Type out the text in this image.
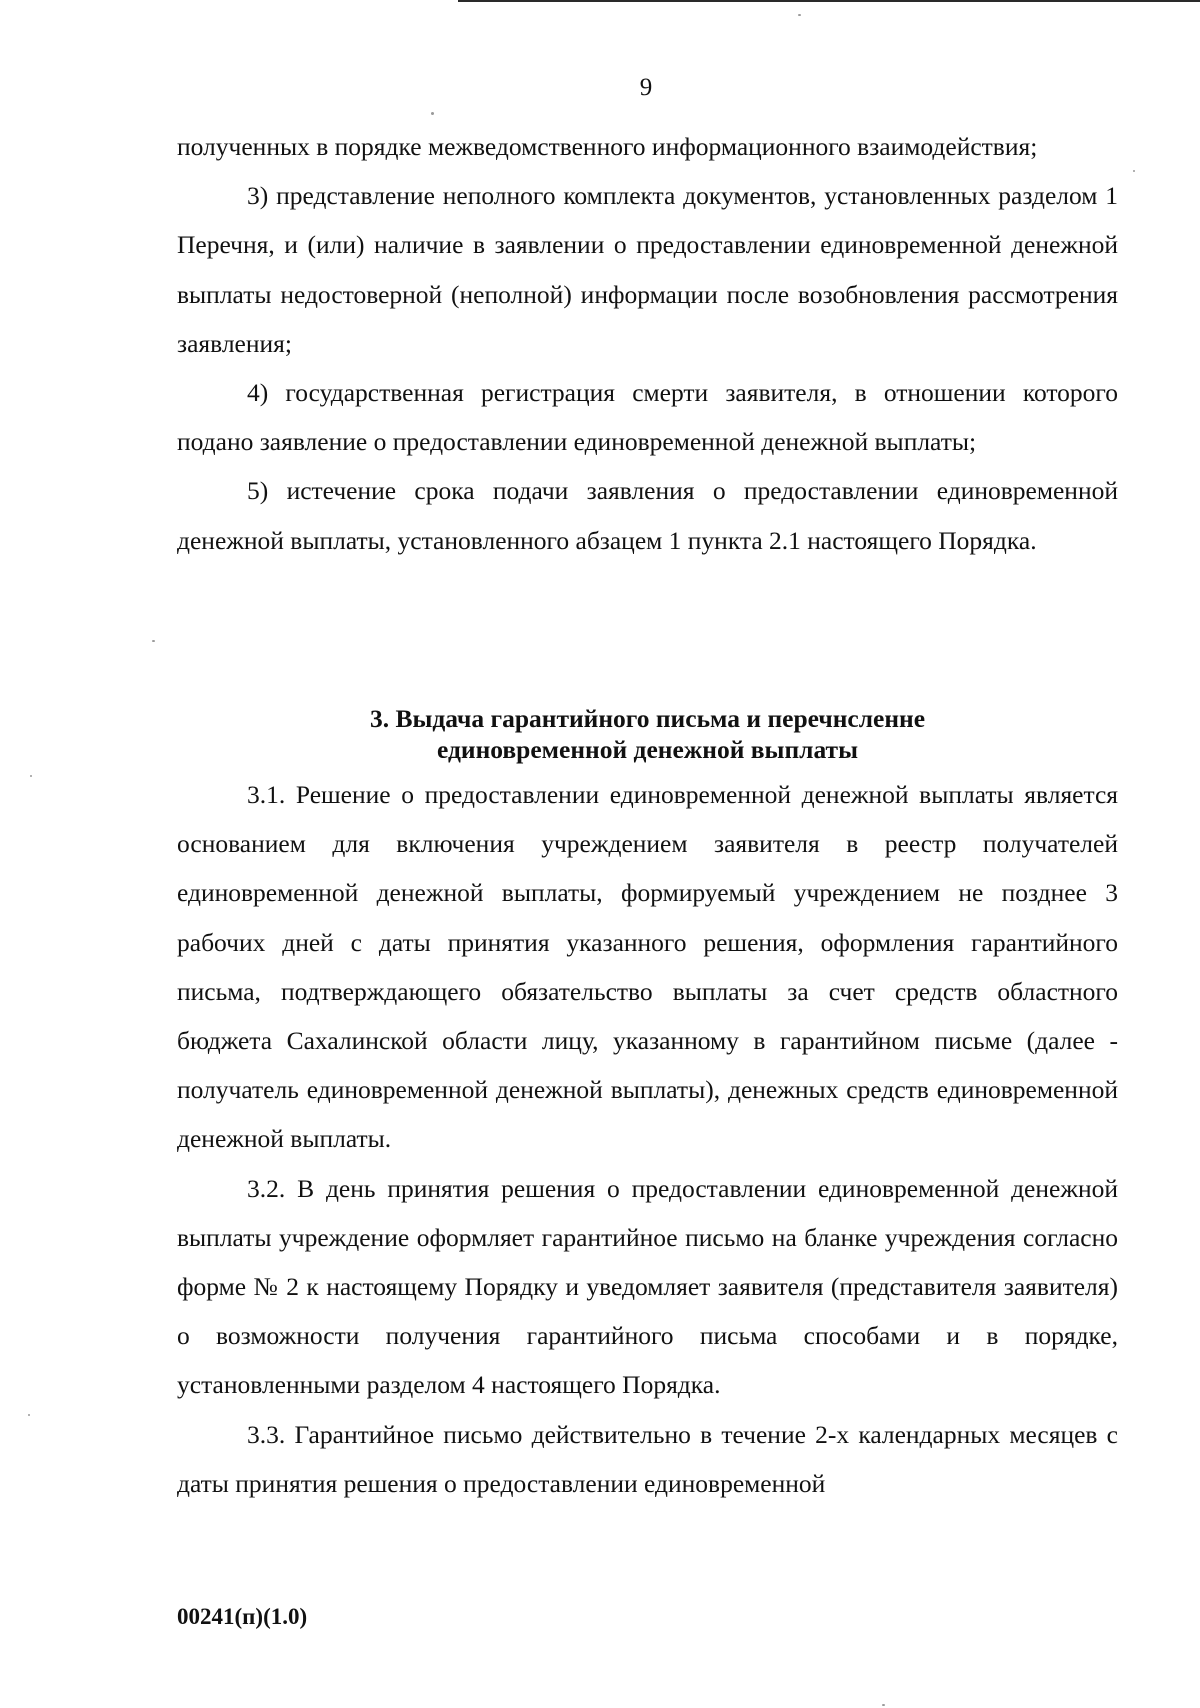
9

полученных в порядке межведомственного информационного взаимодействия;

3) представление неполного комплекта документов, установленных разделом 1 Перечня, и (или) наличие в заявлении о предоставлении единовременной денежной выплаты недостоверной (неполной) информации после возобновления рассмотрения заявления;

4) государственная регистрация смерти заявителя, в отношении которого подано заявление о предоставлении единовременной денежной выплаты;

5) истечение срока подачи заявления о предоставлении единовременной денежной выплаты, установленного абзацем 1 пункта 2.1 настоящего Порядка.

3. Выдача гарантийного письма и перечнсленне
единовременной денежной выплаты

3.1. Решение о предоставлении единовременной денежной выплаты является основанием для включения учреждением заявителя в реестр получателей единовременной денежной выплаты, формируемый учреждением не позднее 3 рабочих дней с даты принятия указанного решения, оформления гарантийного письма, подтверждающего обязательство выплаты за счет средств областного бюджета Сахалинской области лицу, указанному в гарантийном письме (далее - получатель единовременной денежной выплаты), денежных средств единовременной денежной выплаты.

3.2. В день принятия решения о предоставлении единовременной денежной выплаты учреждение оформляет гарантийное письмо на бланке учреждения согласно форме № 2 к настоящему Порядку и уведомляет заявителя (представителя заявителя) о возможности получения гарантийного письма способами и в порядке, установленными разделом 4 настоящего Порядка.

3.3. Гарантийное письмо действительно в течение 2-х календарных месяцев с даты принятия решения о предоставлении единовременной

00241(п)(1.0)
